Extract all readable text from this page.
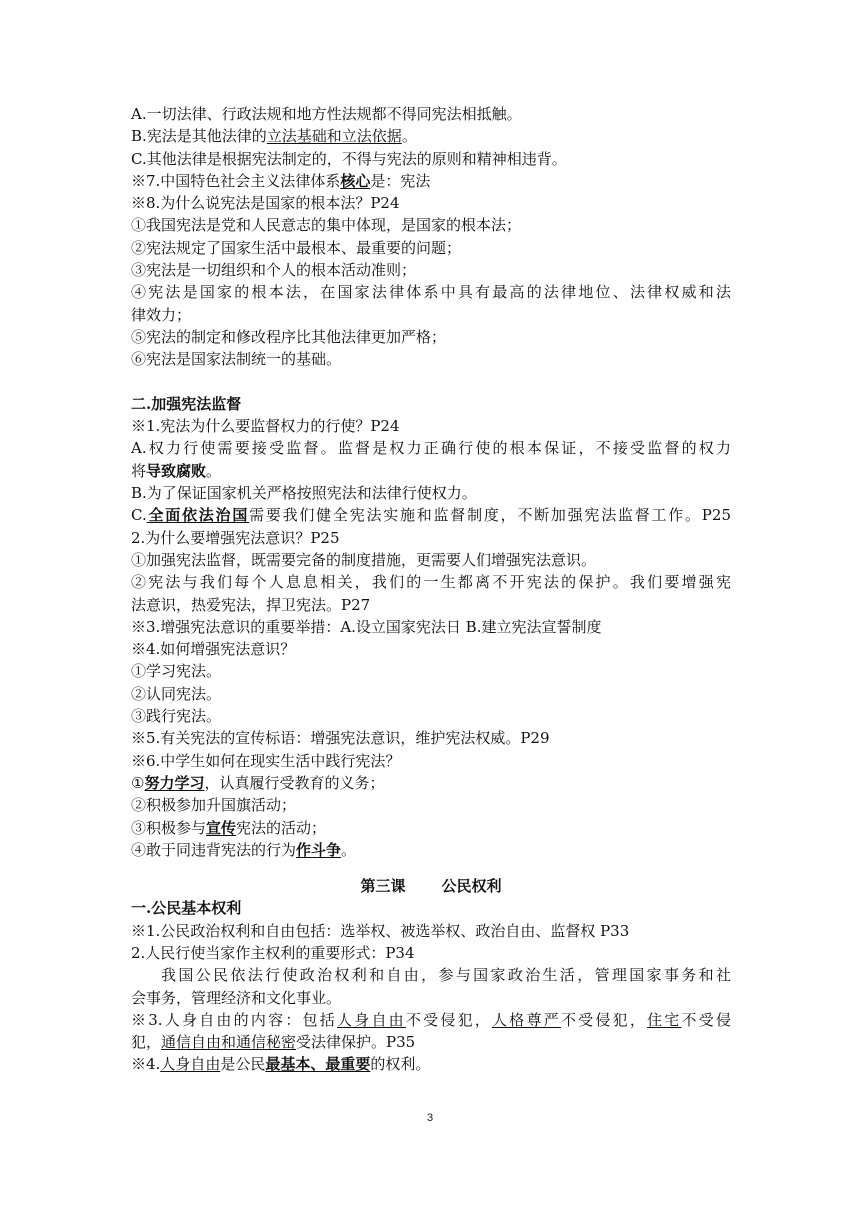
A.一切法律、行政法规和地方性法规都不得同宪法相抵触。
B.宪法是其他法律的立法基础和立法依据。
C.其他法律是根据宪法制定的，不得与宪法的原则和精神相违背。
※7.中国特色社会主义法律体系核心是：宪法
※8.为什么说宪法是国家的根本法？P24
①我国宪法是党和人民意志的集中体现，是国家的根本法；
②宪法规定了国家生活中最根本、最重要的问题；
③宪法是一切组织和个人的根本活动准则；
④宪法是国家的根本法，在国家法律体系中具有最高的法律地位、法律权威和法
律效力；
⑤宪法的制定和修改程序比其他法律更加严格；
⑥宪法是国家法制统一的基础。
二.加强宪法监督
※1.宪法为什么要监督权力的行使？P24
A.权力行使需要接受监督。监督是权力正确行使的根本保证，不接受监督的权力
将导致腐败。
B.为了保证国家机关严格按照宪法和法律行使权力。
C.全面依法治国需要我们健全宪法实施和监督制度，不断加强宪法监督工作。P25
2.为什么要增强宪法意识？P25
①加强宪法监督，既需要完备的制度措施，更需要人们增强宪法意识。
②宪法与我们每个人息息相关，我们的一生都离不开宪法的保护。我们要增强宪
法意识，热爱宪法，捍卫宪法。P27
※3.增强宪法意识的重要举措：A.设立国家宪法日 B.建立宪法宣誓制度
※4.如何增强宪法意识？
①学习宪法。
②认同宪法。
③践行宪法。
※5.有关宪法的宣传标语：增强宪法意识，维护宪法权威。P29
※6.中学生如何在现实生活中践行宪法？
①努力学习，认真履行受教育的义务；
②积极参加升国旗活动；
③积极参与宣传宪法的活动；
④敢于同违背宪法的行为作斗争。
第三课 公民权利
一.公民基本权利
※1.公民政治权利和自由包括：选举权、被选举权、政治自由、监督权 P33
2.人民行使当家作主权利的重要形式：P34
我国公民依法行使政治权利和自由，参与国家政治生活，管理国家事务和社
会事务，管理经济和文化事业。
※3.人身自由的内容：包括人身自由不受侵犯，人格尊严不受侵犯，住宅不受侵
犯，通信自由和通信秘密受法律保护。P35
※4.人身自由是公民最基本、最重要的权利。
3
